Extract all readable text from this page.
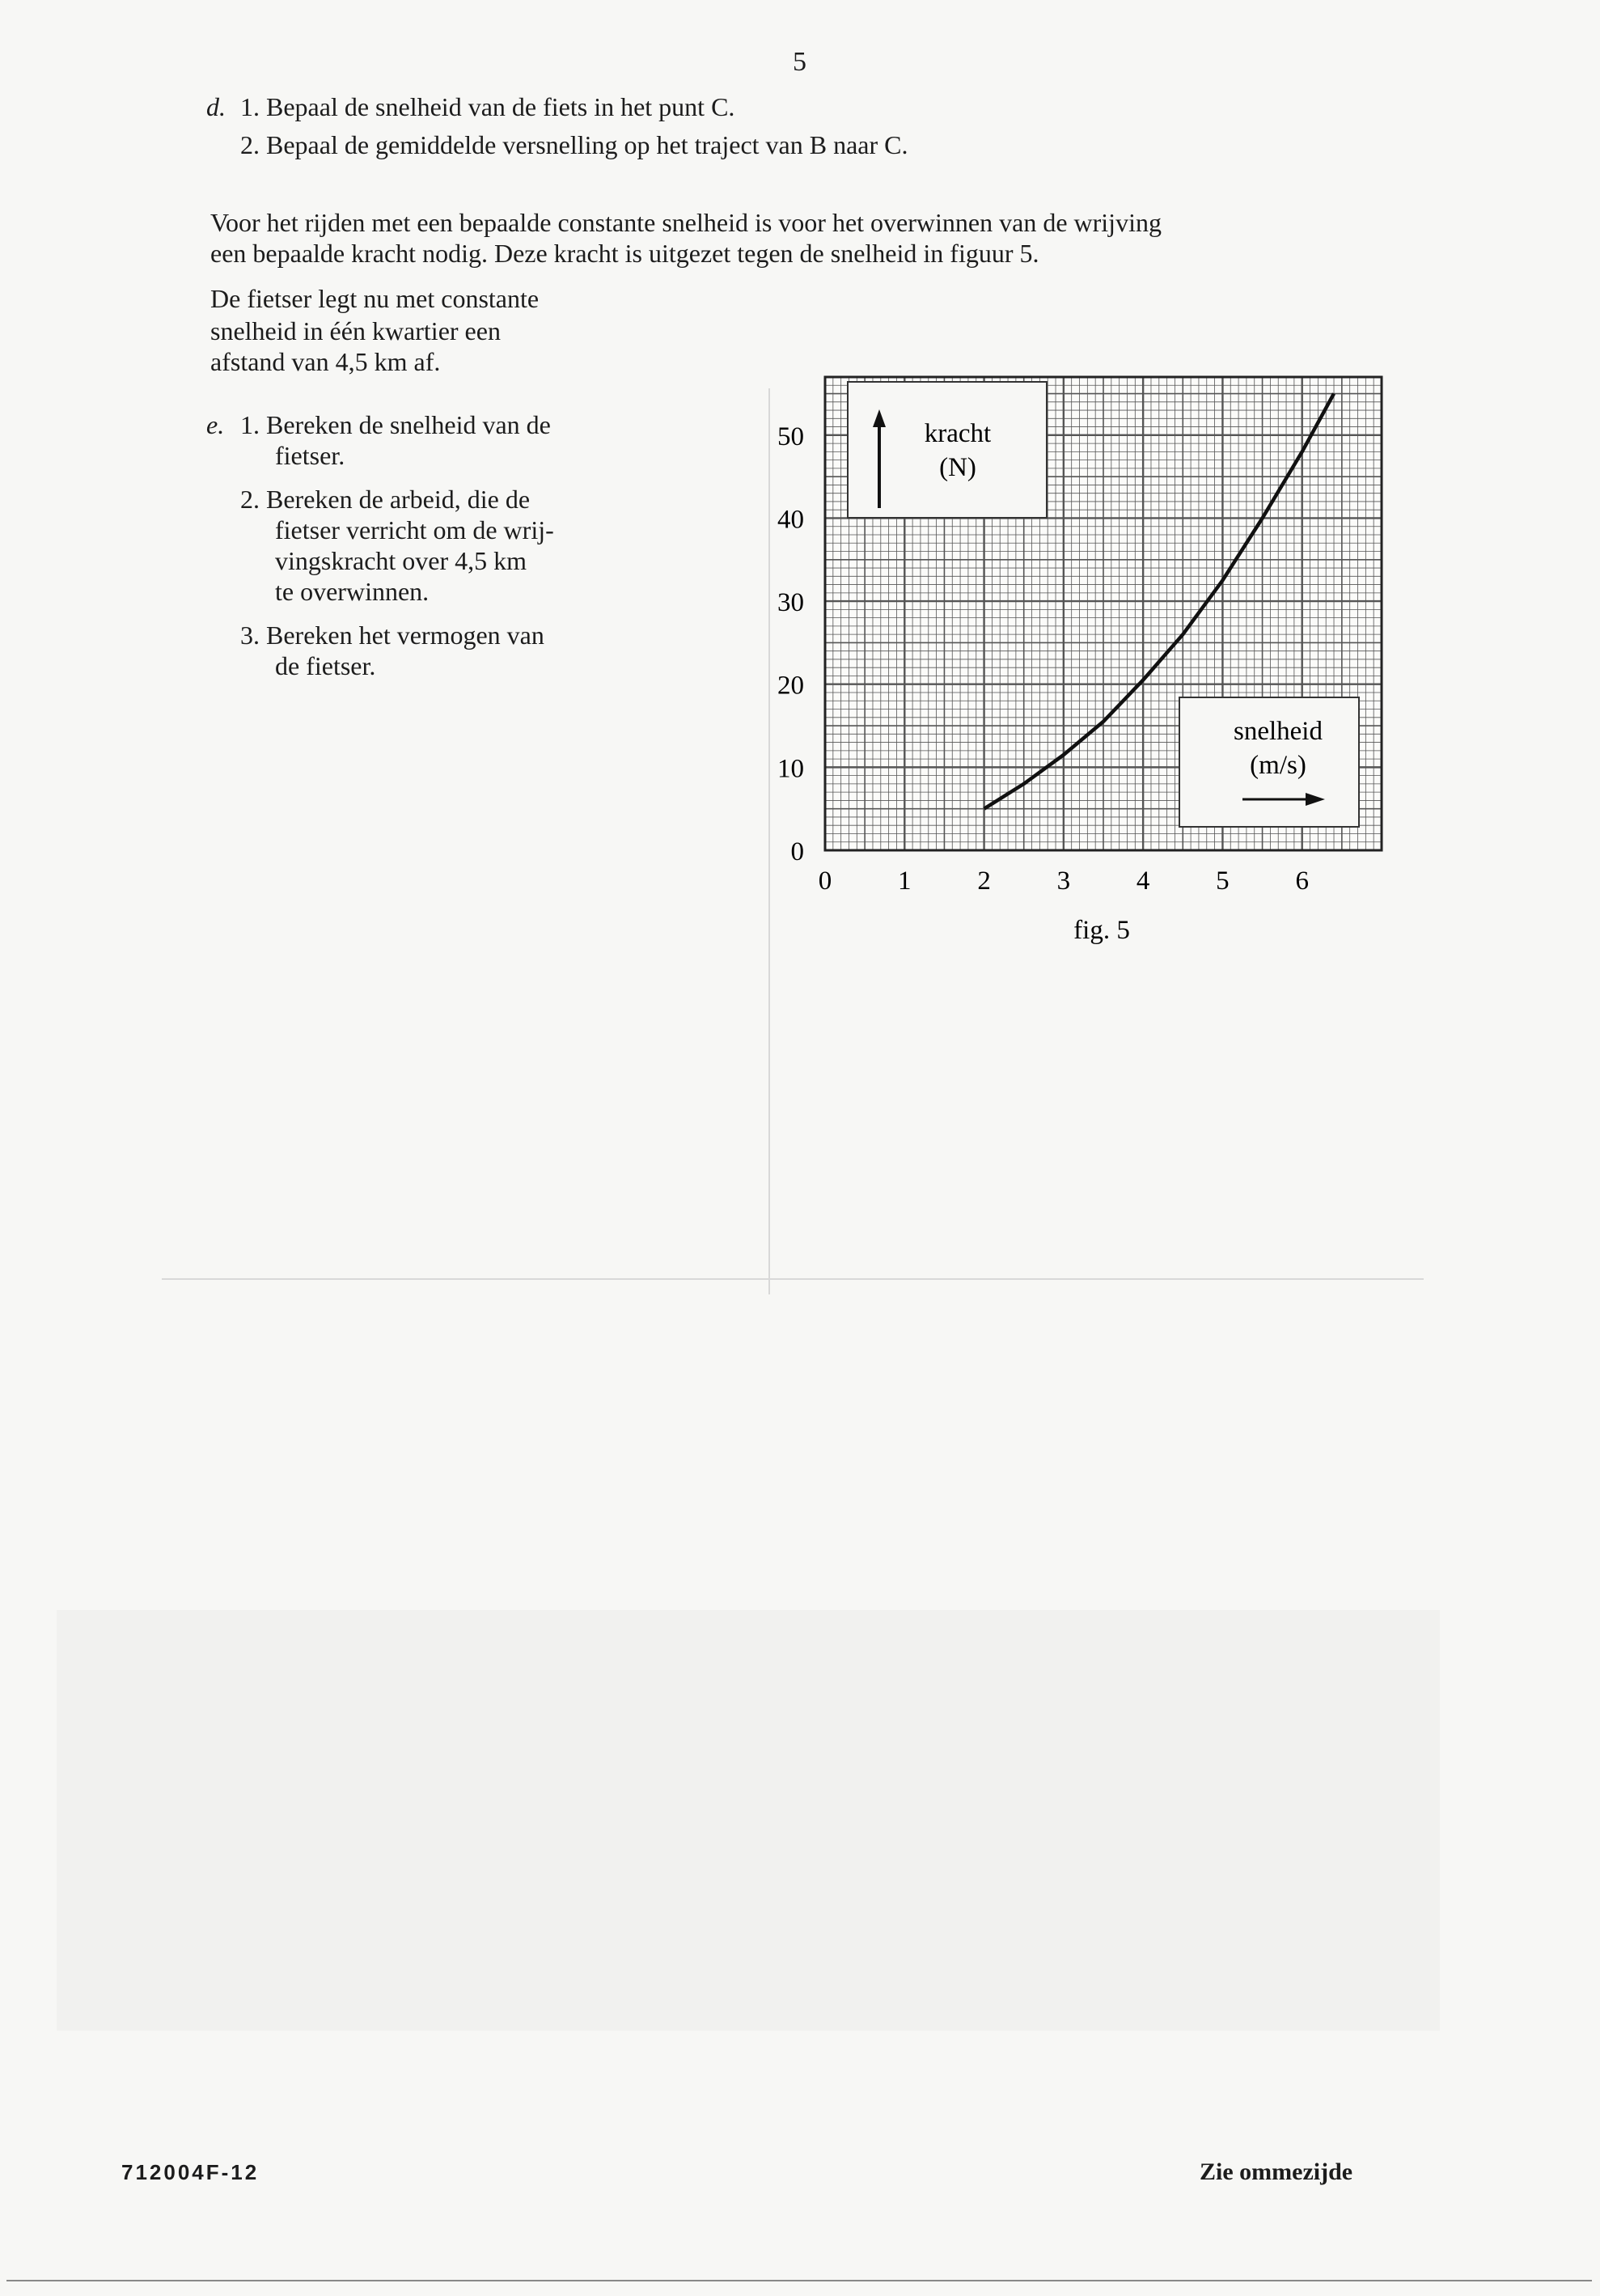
5
d. 1. Bepaal de snelheid van de fiets in het punt C.
2. Bepaal de gemiddelde versnelling op het traject van B naar C.
Voor het rijden met een bepaalde constante snelheid is voor het overwinnen van de wrijving
een bepaalde kracht nodig. Deze kracht is uitgezet tegen de snelheid in figuur 5.
De fietser legt nu met constante
snelheid in één kwartier een
afstand van 4,5 km af.
e. 1. Bereken de snelheid van de
fietser.
2. Bereken de arbeid, die de
fietser verricht om de wrij-
vingskracht over 4,5 km
te overwinnen.
3. Bereken het vermogen van
de fietser.
kracht
(N)
snelheid
(m/s)
0 1 2 3 4 5 6
0
10
20
30
40
50
fig. 5
712004F-12	Zie ommezijde
